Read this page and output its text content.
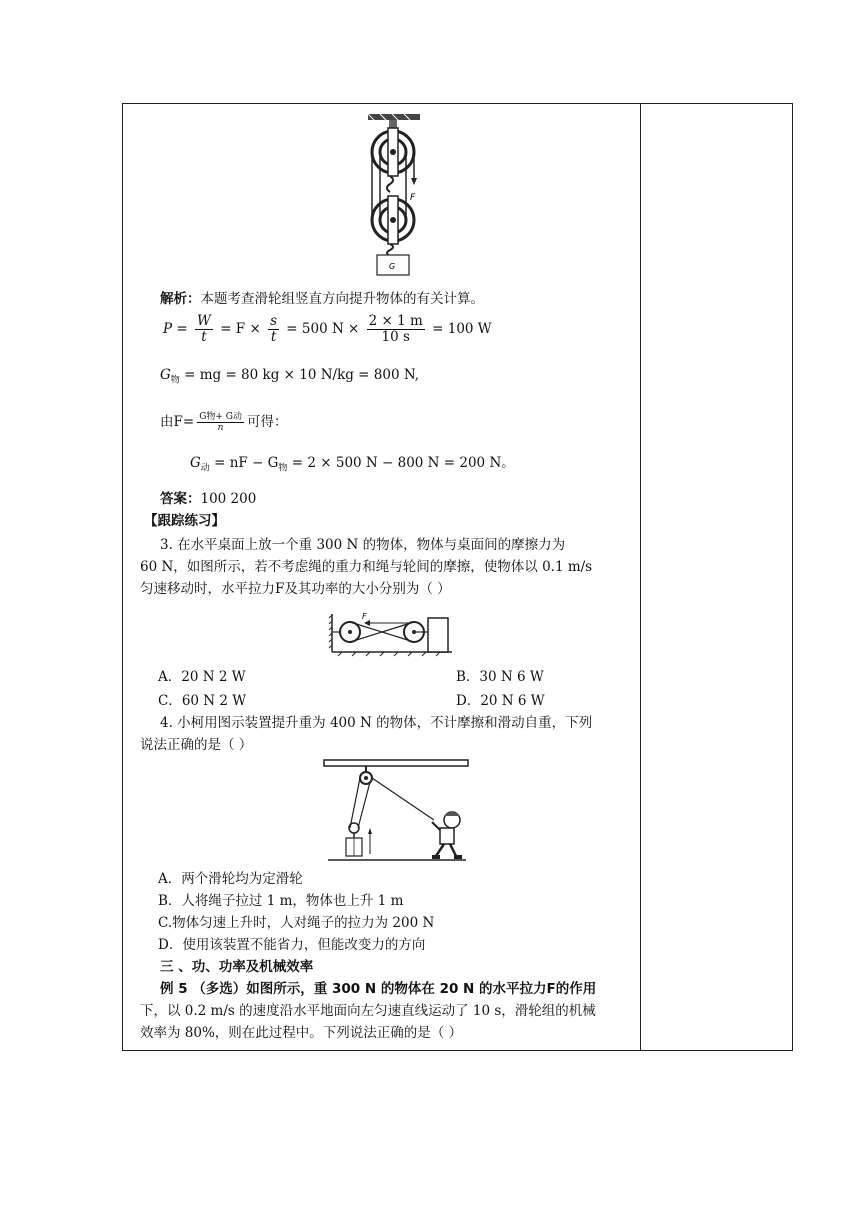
F
G
解析：本题考查滑轮组竖直方向提升物体的有关计算。
$P = \frac{W}{t} = F \times \frac{s}{t} = 500$ $N \times \frac{2 \times 1 m}{10 s} = 100$ W
$G_物$ = mg = 80 kg × 10 N/kg = 800 N,
由$F= \frac{\text{G物+ G动}}{n}$ 可得：
$G_动$ = nF − $G_物 = 2 \times 500$ N − 800 N = 200 N。
答案：100 200
【跟踪练习】
3. 在水平桌面上放一个重 300 N 的物体，物体与桌面间的摩擦力为
60 N，如图所示，若不考虑绳的重力和绳与轮间的摩擦，使物体以 0.1 m/s
匀速移动时，水平拉力F及其功率的大小分别为（ ）
A．20 N 2 W	B．30 N 6 W
C．60 N 2 W	D．20 N 6 W
4. 小柯用图示装置提升重为 400 N 的物体，不计摩擦和滑动自重，下列
说法正确的是（ ）
A．两个滑轮均为定滑轮
B．人将绳子拉过 1 m，物体也上升 1 m
C.物体匀速上升时，人对绳子的拉力为 200 N
D．使用该装置不能省力，但能改变力的方向
三 、功、功率及机械效率
例 5 （多选）如图所示，重 300 N 的物体在 20 N 的水平拉力F的作用
下，以 0.2 m/s 的速度沿水平地面向左匀速直线运动了 10 s，滑轮组的机械
效率为 80%，则在此过程中。下列说法正确的是（ ）
F
